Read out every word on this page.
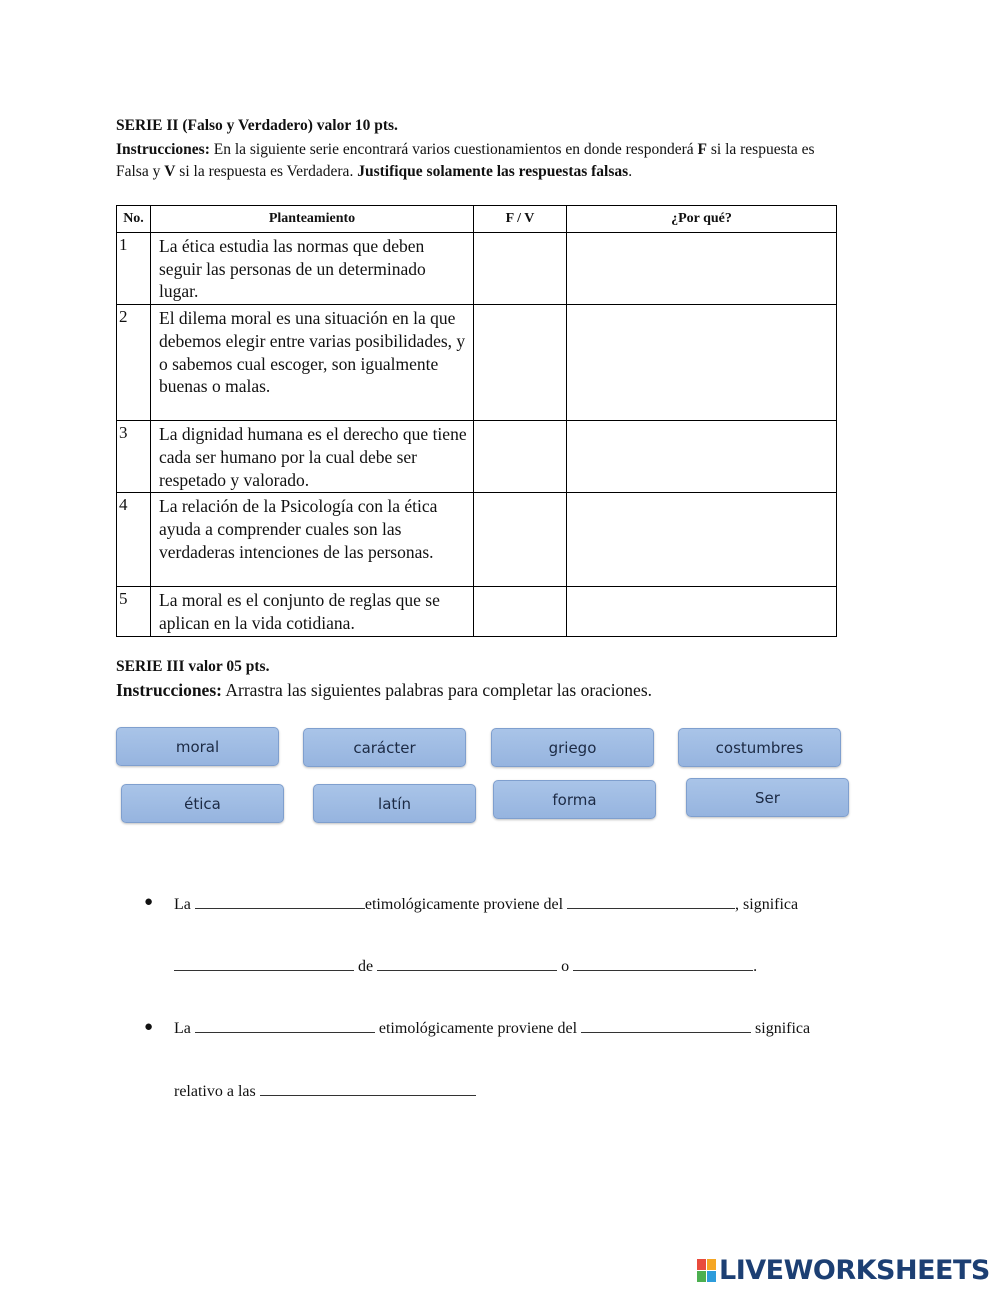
SERIE II (Falso y Verdadero) valor 10 pts.
Instrucciones: En la siguiente serie encontrará varios cuestionamientos en donde responderá F si la respuesta es Falsa y V si la respuesta es Verdadera. Justifique solamente las respuestas falsas.
No.	Planteamiento	F / V	¿Por qué?
1	La ética estudia las normas que deben seguir las personas de un determinado lugar.		
2	El dilema moral es una situación en la que debemos elegir entre varias posibilidades, y o sabemos cual escoger, son igualmente buenas o malas.		
3	La dignidad humana es el derecho que tiene cada ser humano por la cual debe ser respetado y valorado.		
4	La relación de la Psicología con la ética ayuda a comprender cuales son las verdaderas intenciones de las personas.		
5	La moral es el conjunto de reglas que se aplican en la vida cotidiana.		
SERIE III valor 05 pts.
Instrucciones: Arrastra las siguientes palabras para completar las oraciones.
moral	carácter	griego	costumbres
ética	latín	forma	Ser
● La	etimológicamente proviene del	, significa
de	o	.
● La	etimológicamente proviene del	significa
relativo a las
LIVEWORKSHEETS
